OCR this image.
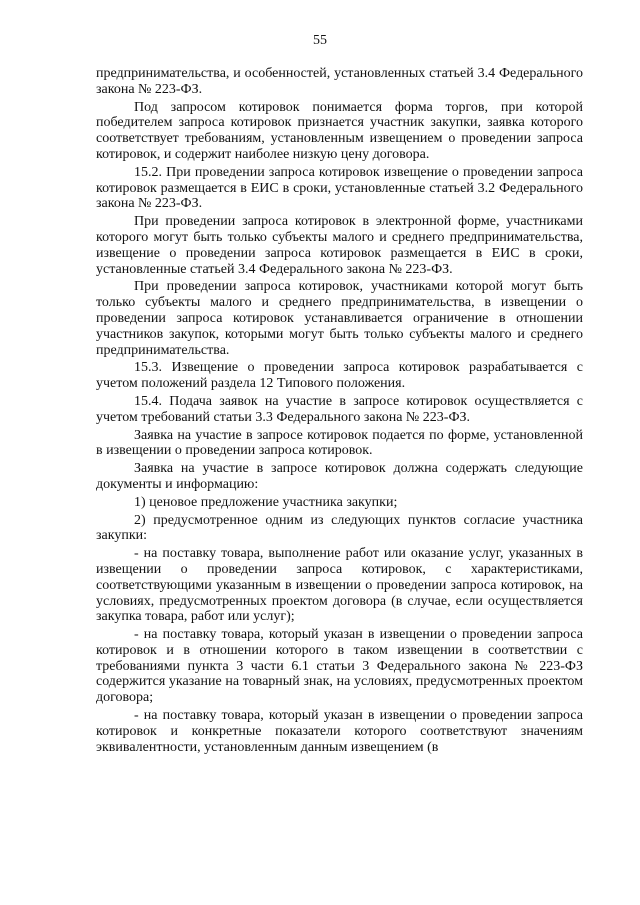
55

предпринимательства, и особенностей, установленных статьей 3.4 Федерального закона № 223-ФЗ.

Под запросом котировок понимается форма торгов, при которой победителем запроса котировок признается участник закупки, заявка которого соответствует требованиям, установленным извещением о проведении запроса котировок, и содержит наиболее низкую цену договора.

15.2. При проведении запроса котировок извещение о проведении запроса котировок размещается в ЕИС в сроки, установленные статьей 3.2 Федерального закона № 223-ФЗ.

При проведении запроса котировок в электронной форме, участниками которого могут быть только субъекты малого и среднего предпринимательства, извещение о проведении запроса котировок размещается в ЕИС в сроки, установленные статьей 3.4 Федерального закона № 223-ФЗ.

При проведении запроса котировок, участниками которой могут быть только субъекты малого и среднего предпринимательства, в извещении о проведении запроса котировок устанавливается ограничение в отношении участников закупок, которыми могут быть только субъекты малого и среднего предпринимательства.

15.3. Извещение о проведении запроса котировок разрабатывается с учетом положений раздела 12 Типового положения.

15.4. Подача заявок на участие в запросе котировок осуществляется с учетом требований статьи 3.3 Федерального закона № 223-ФЗ.

Заявка на участие в запросе котировок подается по форме, установленной в извещении о проведении запроса котировок.

Заявка на участие в запросе котировок должна содержать следующие документы и информацию:

1) ценовое предложение участника закупки;

2) предусмотренное одним из следующих пунктов согласие участника закупки:

- на поставку товара, выполнение работ или оказание услуг, указанных в извещении о проведении запроса котировок, с характеристиками, соответствующими указанным в извещении о проведении запроса котировок, на условиях, предусмотренных проектом договора (в случае, если осуществляется закупка товара, работ или услуг);

- на поставку товара, который указан в извещении о проведении запроса котировок и в отношении которого в таком извещении в соответствии с требованиями пункта 3 части 6.1 статьи 3 Федерального закона № 223-ФЗ содержится указание на товарный знак, на условиях, предусмотренных проектом договора;

- на поставку товара, который указан в извещении о проведении запроса котировок и конкретные показатели которого соответствуют значениям эквивалентности, установленным данным извещением (в
